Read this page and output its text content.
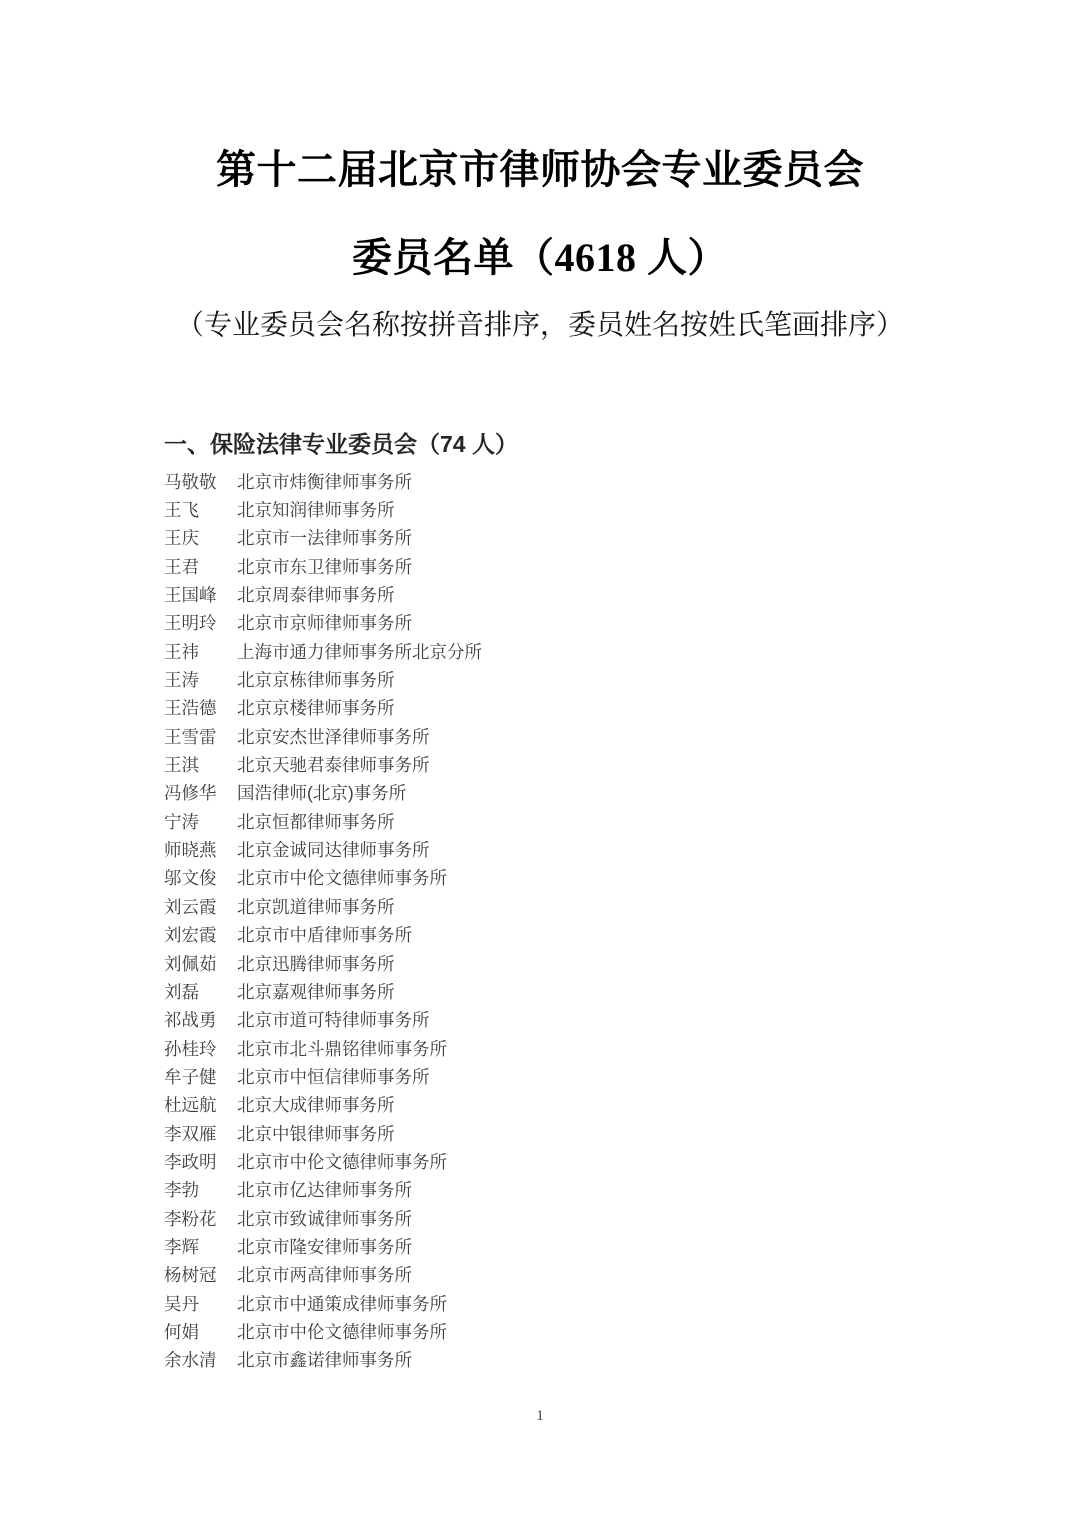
第十二届北京市律师协会专业委员会
委员名单（4618 人）

（专业委员会名称按拼音排序，委员姓名按姓氏笔画排序）

一、保险法律专业委员会（74 人）
马敬敬	北京市炜衡律师事务所
王飞	北京知润律师事务所
王庆	北京市一法律师事务所
王君	北京市东卫律师事务所
王国峰	北京周泰律师事务所
王明玲	北京市京师律师事务所
王祎	上海市通力律师事务所北京分所
王涛	北京京栋律师事务所
王浩德	北京京楼律师事务所
王雪雷	北京安杰世泽律师事务所
王淇	北京天驰君泰律师事务所
冯修华	国浩律师(北京)事务所
宁涛	北京恒都律师事务所
师晓燕	北京金诚同达律师事务所
邬文俊	北京市中伦文德律师事务所
刘云霞	北京凯道律师事务所
刘宏霞	北京市中盾律师事务所
刘佩茹	北京迅腾律师事务所
刘磊	北京嘉观律师事务所
祁战勇	北京市道可特律师事务所
孙桂玲	北京市北斗鼎铭律师事务所
牟子健	北京市中恒信律师事务所
杜远航	北京大成律师事务所
李双雁	北京中银律师事务所
李政明	北京市中伦文德律师事务所
李勃	北京市亿达律师事务所
李粉花	北京市致诚律师事务所
李辉	北京市隆安律师事务所
杨树冠	北京市两高律师事务所
吴丹	北京市中通策成律师事务所
何娟	北京市中伦文德律师事务所
余水清	北京市鑫诺律师事务所
1
